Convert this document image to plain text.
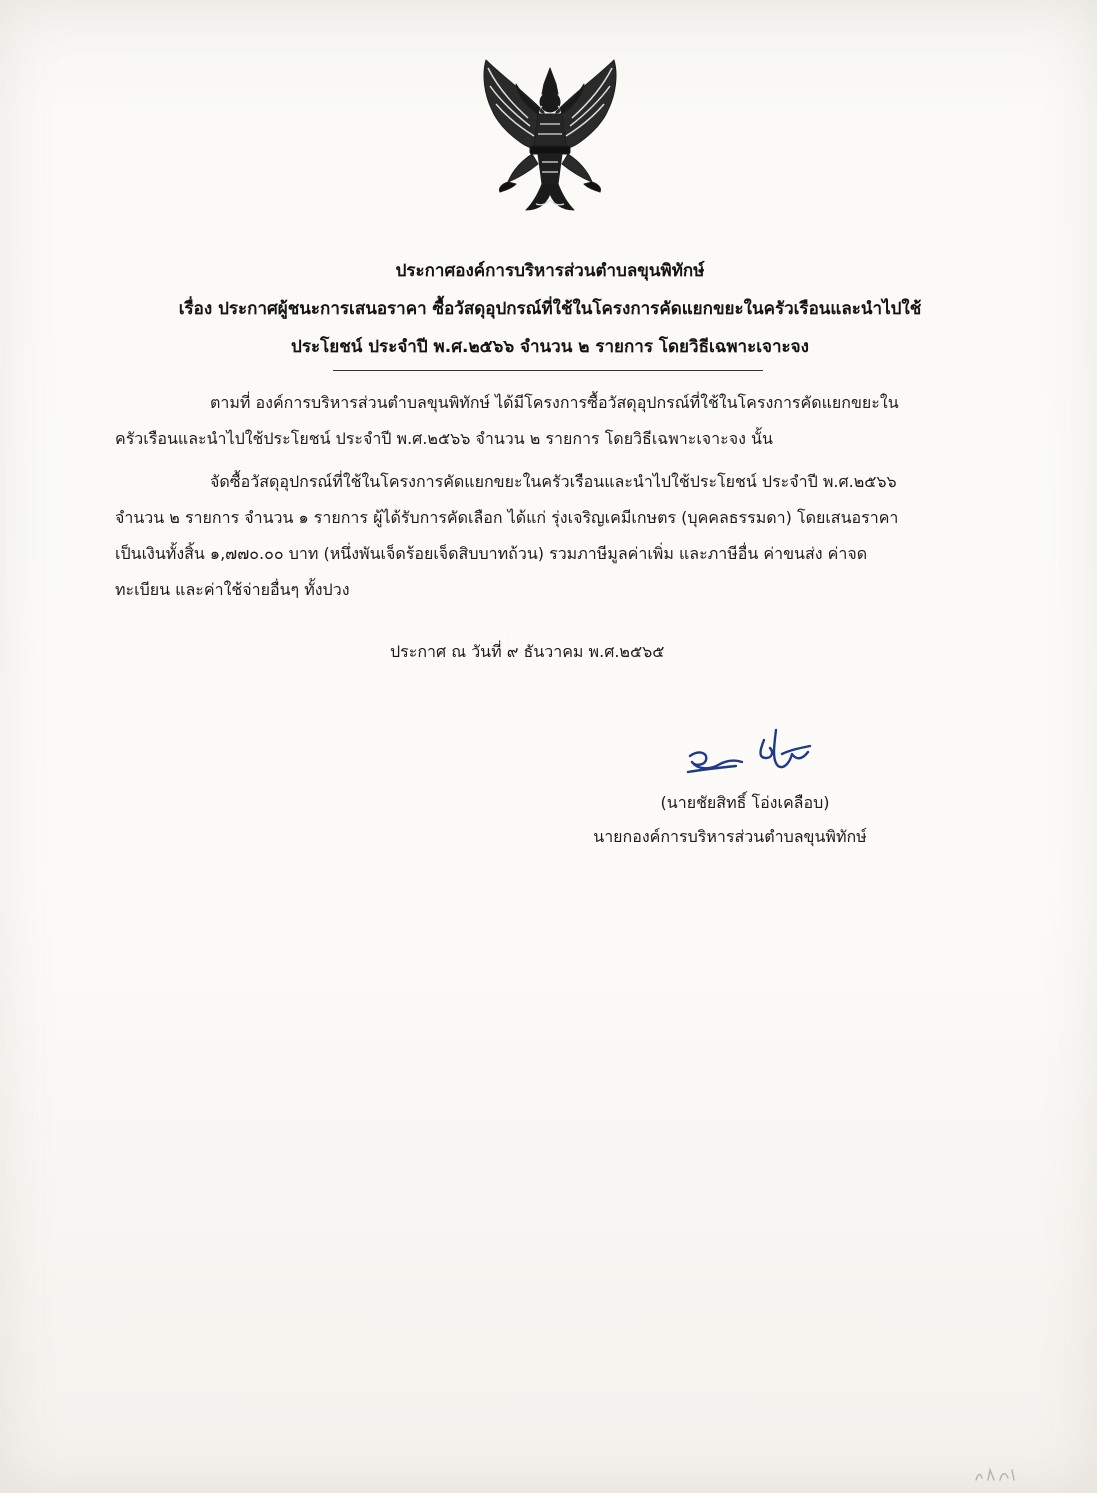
ประกาศองค์การบริหารส่วนตำบลขุนพิทักษ์
เรื่อง ประกาศผู้ชนะการเสนอราคา ซื้อวัสดุอุปกรณ์ที่ใช้ในโครงการคัดแยกขยะในครัวเรือนและนำไปใช้
ประโยชน์ ประจำปี พ.ศ.๒๕๖๖ จำนวน ๒ รายการ โดยวิธีเฉพาะเจาะจง
ตามที่ องค์การบริหารส่วนตำบลขุนพิทักษ์ ได้มีโครงการซื้อวัสดุอุปกรณ์ที่ใช้ในโครงการคัดแยกขยะใน
ครัวเรือนและนำไปใช้ประโยชน์ ประจำปี พ.ศ.๒๕๖๖ จำนวน ๒ รายการ โดยวิธีเฉพาะเจาะจง นั้น
จัดซื้อวัสดุอุปกรณ์ที่ใช้ในโครงการคัดแยกขยะในครัวเรือนและนำไปใช้ประโยชน์ ประจำปี พ.ศ.๒๕๖๖
จำนวน ๒ รายการ จำนวน ๑ รายการ ผู้ได้รับการคัดเลือก ได้แก่ รุ่งเจริญเคมีเกษตร (บุคคลธรรมดา) โดยเสนอราคา
เป็นเงินทั้งสิ้น ๑,๗๗๐.๐๐ บาท (หนึ่งพันเจ็ดร้อยเจ็ดสิบบาทถ้วน) รวมภาษีมูลค่าเพิ่ม และภาษีอื่น ค่าขนส่ง ค่าจด
ทะเบียน และค่าใช้จ่ายอื่นๆ ทั้งปวง
ประกาศ ณ วันที่ ๙ ธันวาคม พ.ศ.๒๕๖๕
(นายชัยสิทธิ์ โอ่งเคลือบ)
นายกองค์การบริหารส่วนตำบลขุนพิทักษ์
